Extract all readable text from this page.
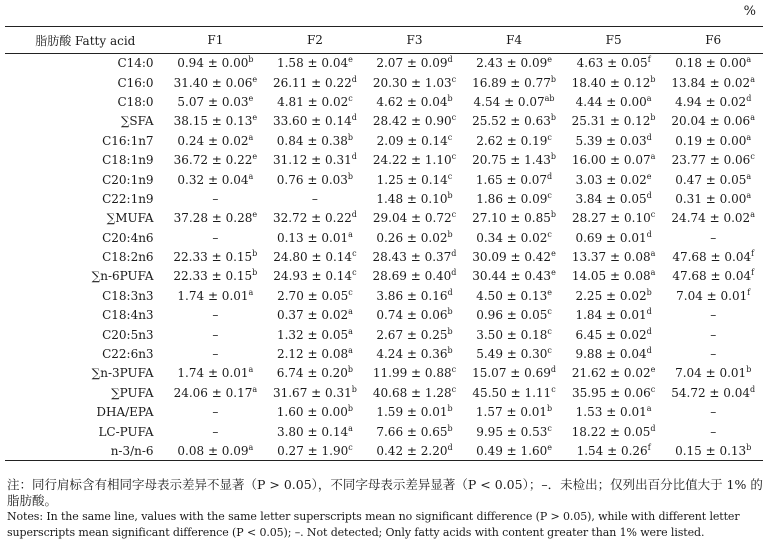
%
脂肪酸 Fatty acid	F1	F2	F3	F4	F5	F6
C14:0	0.94 ± 0.00$^b$	1.58 ± 0.04$^e$	2.07 ± 0.09$^d$	2.43 ± 0.09$^e$	4.63 ± 0.05$^f$	0.18 ± 0.00$^a$
C16:0	31.40 ± 0.06$^e$	26.11 ± 0.22$^d$	20.30 ± 1.03$^c$	16.89 ± 0.77$^b$	18.40 ± 0.12$^b$	13.84 ± 0.02$^a$
C18:0	5.07 ± 0.03$^e$	4.81 ± 0.02$^c$	4.62 ± 0.04$^b$	4.54 ± 0.07$^{ab}$	4.44 ± 0.00$^a$	4.94 ± 0.02$^d$
∑SFA	38.15 ± 0.13$^e$	33.60 ± 0.14$^d$	28.42 ± 0.90$^c$	25.52 ± 0.63$^b$	25.31 ± 0.12$^b$	20.04 ± 0.06$^a$
C16:1n7	0.24 ± 0.02$^a$	0.84 ± 0.38$^b$	2.09 ± 0.14$^c$	2.62 ± 0.19$^c$	5.39 ± 0.03$^d$	0.19 ± 0.00$^a$
C18:1n9	36.72 ± 0.22$^e$	31.12 ± 0.31$^d$	24.22 ± 1.10$^c$	20.75 ± 1.43$^b$	16.00 ± 0.07$^a$	23.77 ± 0.06$^c$
C20:1n9	0.32 ± 0.04$^a$	0.76 ± 0.03$^b$	1.25 ± 0.14$^c$	1.65 ± 0.07$^d$	3.03 ± 0.02$^e$	0.47 ± 0.05$^a$
C22:1n9	–	–	1.48 ± 0.10$^b$	1.86 ± 0.09$^c$	3.84 ± 0.05$^d$	0.31 ± 0.00$^a$
∑MUFA	37.28 ± 0.28$^e$	32.72 ± 0.22$^d$	29.04 ± 0.72$^c$	27.10 ± 0.85$^b$	28.27 ± 0.10$^c$	24.74 ± 0.02$^a$
C20:4n6	–	0.13 ± 0.01$^a$	0.26 ± 0.02$^b$	0.34 ± 0.02$^c$	0.69 ± 0.01$^d$	–
C18:2n6	22.33 ± 0.15$^b$	24.80 ± 0.14$^c$	28.43 ± 0.37$^d$	30.09 ± 0.42$^e$	13.37 ± 0.08$^a$	47.68 ± 0.04$^f$
∑n-6PUFA	22.33 ± 0.15$^b$	24.93 ± 0.14$^c$	28.69 ± 0.40$^d$	30.44 ± 0.43$^e$	14.05 ± 0.08$^a$	47.68 ± 0.04$^f$
C18:3n3	1.74 ± 0.01$^a$	2.70 ± 0.05$^c$	3.86 ± 0.16$^d$	4.50 ± 0.13$^e$	2.25 ± 0.02$^b$	7.04 ± 0.01$^f$
C18:4n3	–	0.37 ± 0.02$^a$	0.74 ± 0.06$^b$	0.96 ± 0.05$^c$	1.84 ± 0.01$^d$	–
C20:5n3	–	1.32 ± 0.05$^a$	2.67 ± 0.25$^b$	3.50 ± 0.18$^c$	6.45 ± 0.02$^d$	–
C22:6n3	–	2.12 ± 0.08$^a$	4.24 ± 0.36$^b$	5.49 ± 0.30$^c$	9.88 ± 0.04$^d$	–
∑n-3PUFA	1.74 ± 0.01$^a$	6.74 ± 0.20$^b$	11.99 ± 0.88$^c$	15.07 ± 0.69$^d$	21.62 ± 0.02$^e$	7.04 ± 0.01$^b$
∑PUFA	24.06 ± 0.17$^a$	31.67 ± 0.31$^b$	40.68 ± 1.28$^c$	45.50 ± 1.11$^c$	35.95 ± 0.06$^c$	54.72 ± 0.04$^d$
DHA/EPA	–	1.60 ± 0.00$^b$	1.59 ± 0.01$^b$	1.57 ± 0.01$^b$	1.53 ± 0.01$^a$	–
LC-PUFA	–	3.80 ± 0.14$^a$	7.66 ± 0.65$^b$	9.95 ± 0.53$^c$	18.22 ± 0.05$^d$	–
n-3/n-6	0.08 ± 0.09$^a$	0.27 ± 1.90$^c$	0.42 ± 2.20$^d$	0.49 ± 1.60$^e$	1.54 ± 0.26$^f$	0.15 ± 0.13$^b$

注：同行肩标含有相同字母表示差异不显著（P > 0.05），不同字母表示差异显著（P < 0.05）；–．未检出；仅列出百分比值大于 1% 的脂肪酸。

Notes: In the same line, values with the same letter superscripts mean no significant difference (P > 0.05), while with different letter superscripts mean significant difference (P < 0.05); –. Not detected; Only fatty acids with content greater than 1% were listed.
